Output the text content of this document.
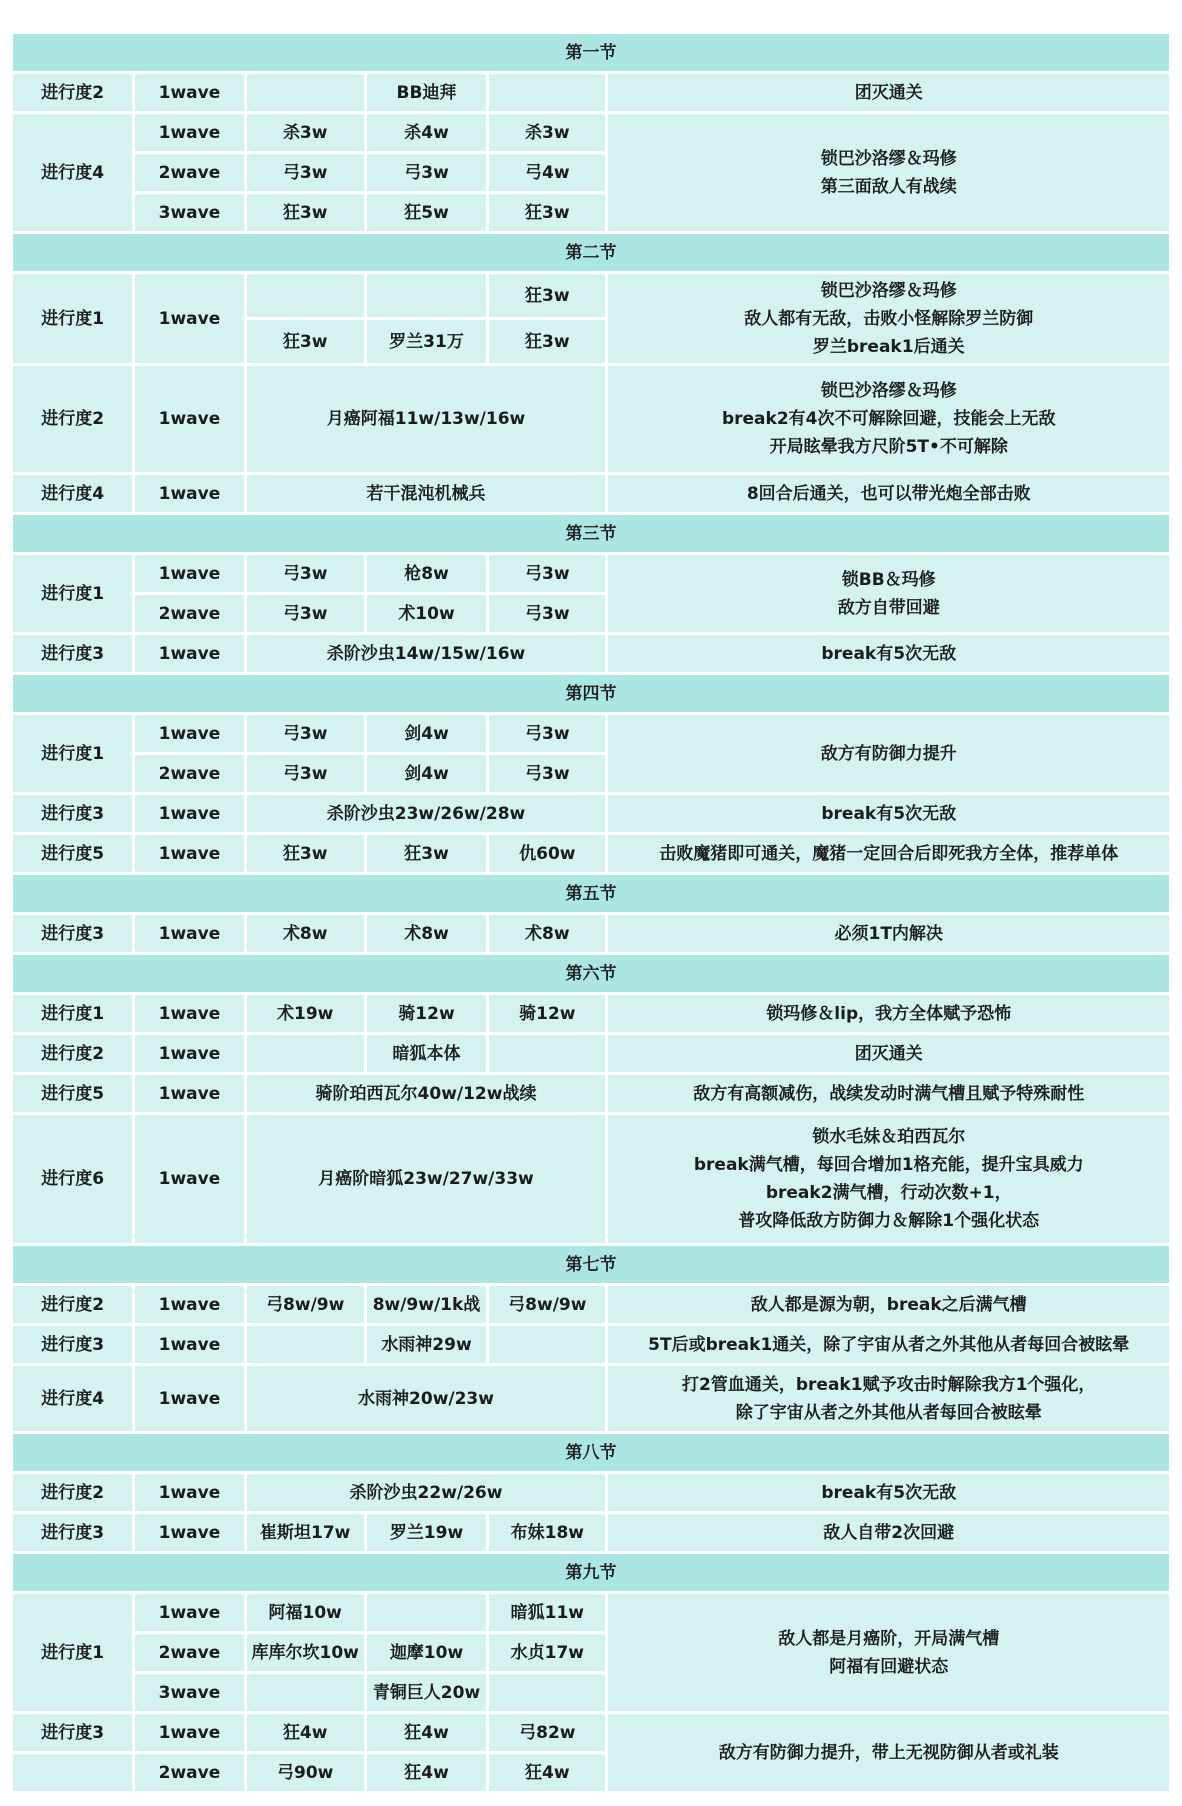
第一节					
进行度2	1wave		BB迪拜		团灭通关

进行度4	1wave	杀3w	杀4w	杀3w	锁巴沙洛缪＆玛修
第三面敌人有战续

	2wave	弓3w	弓3w	弓4w	
	3wave	狂3w	狂5w	狂3w	
第二节					
进行度1	1wave			狂3w	锁巴沙洛缪＆玛修
敌人都有无敌，击败小怪解除罗兰防御
罗兰break1后通关

		狂3w	罗兰31万	狂3w	
进行度2	1wave	月癌阿福11w/13w/16w			锁巴沙洛缪＆玛修
break2有4次不可解除回避，技能会上无敌
开局眩晕我方尺阶5T•不可解除

进行度4	1wave	若干混沌机械兵			8回合后通关，也可以带光炮全部击败

第三节					
进行度1	1wave	弓3w	枪8w	弓3w	锁BB＆玛修
敌方自带回避

	2wave	弓3w	术10w	弓3w	
进行度3	1wave	杀阶沙虫14w/15w/16w			break有5次无敌

第四节					
进行度1	1wave	弓3w	剑4w	弓3w	敌方有防御力提升

	2wave	弓3w	剑4w	弓3w	
进行度3	1wave	杀阶沙虫23w/26w/28w			break有5次无敌

进行度5	1wave	狂3w	狂3w	仇60w	击败魔猪即可通关，魔猪一定回合后即死我方全体，推荐单体

第五节					
进行度3	1wave	术8w	术8w	术8w	必须1T内解决

第六节					
进行度1	1wave	术19w	骑12w	骑12w	锁玛修＆lip，我方全体赋予恐怖

进行度2	1wave		暗狐本体		团灭通关

进行度5	1wave	骑阶珀西瓦尔40w/12w战续			敌方有高额减伤，战续发动时满气槽且赋予特殊耐性

进行度6	1wave	月癌阶暗狐23w/27w/33w			锁水毛妹＆珀西瓦尔
break满气槽，每回合增加1格充能，提升宝具威力
break2满气槽，行动次数+1，
普攻降低敌方防御力＆解除1个强化状态

第七节					
进行度2	1wave	弓8w/9w	8w/9w/1k战	弓8w/9w	敌人都是源为朝，break之后满气槽

进行度3	1wave		水雨神29w		5T后或break1通关，除了宇宙从者之外其他从者每回合被眩晕

进行度4	1wave	水雨神20w/23w			打2管血通关，break1赋予攻击时解除我方1个强化，
除了宇宙从者之外其他从者每回合被眩晕

第八节					
进行度2	1wave	杀阶沙虫22w/26w			break有5次无敌

进行度3	1wave	崔斯坦17w	罗兰19w	布妹18w	敌人自带2次回避

第九节					
进行度1	1wave	阿福10w		暗狐11w	敌人都是月癌阶，开局满气槽
阿福有回避状态

	2wave	库库尔坎10w	迦摩10w	水贞17w	
	3wave		青铜巨人20w		
进行度3	1wave	狂4w	狂4w	弓82w	敌方有防御力提升，带上无视防御从者或礼装

	2wave	弓90w	狂4w	狂4w	
